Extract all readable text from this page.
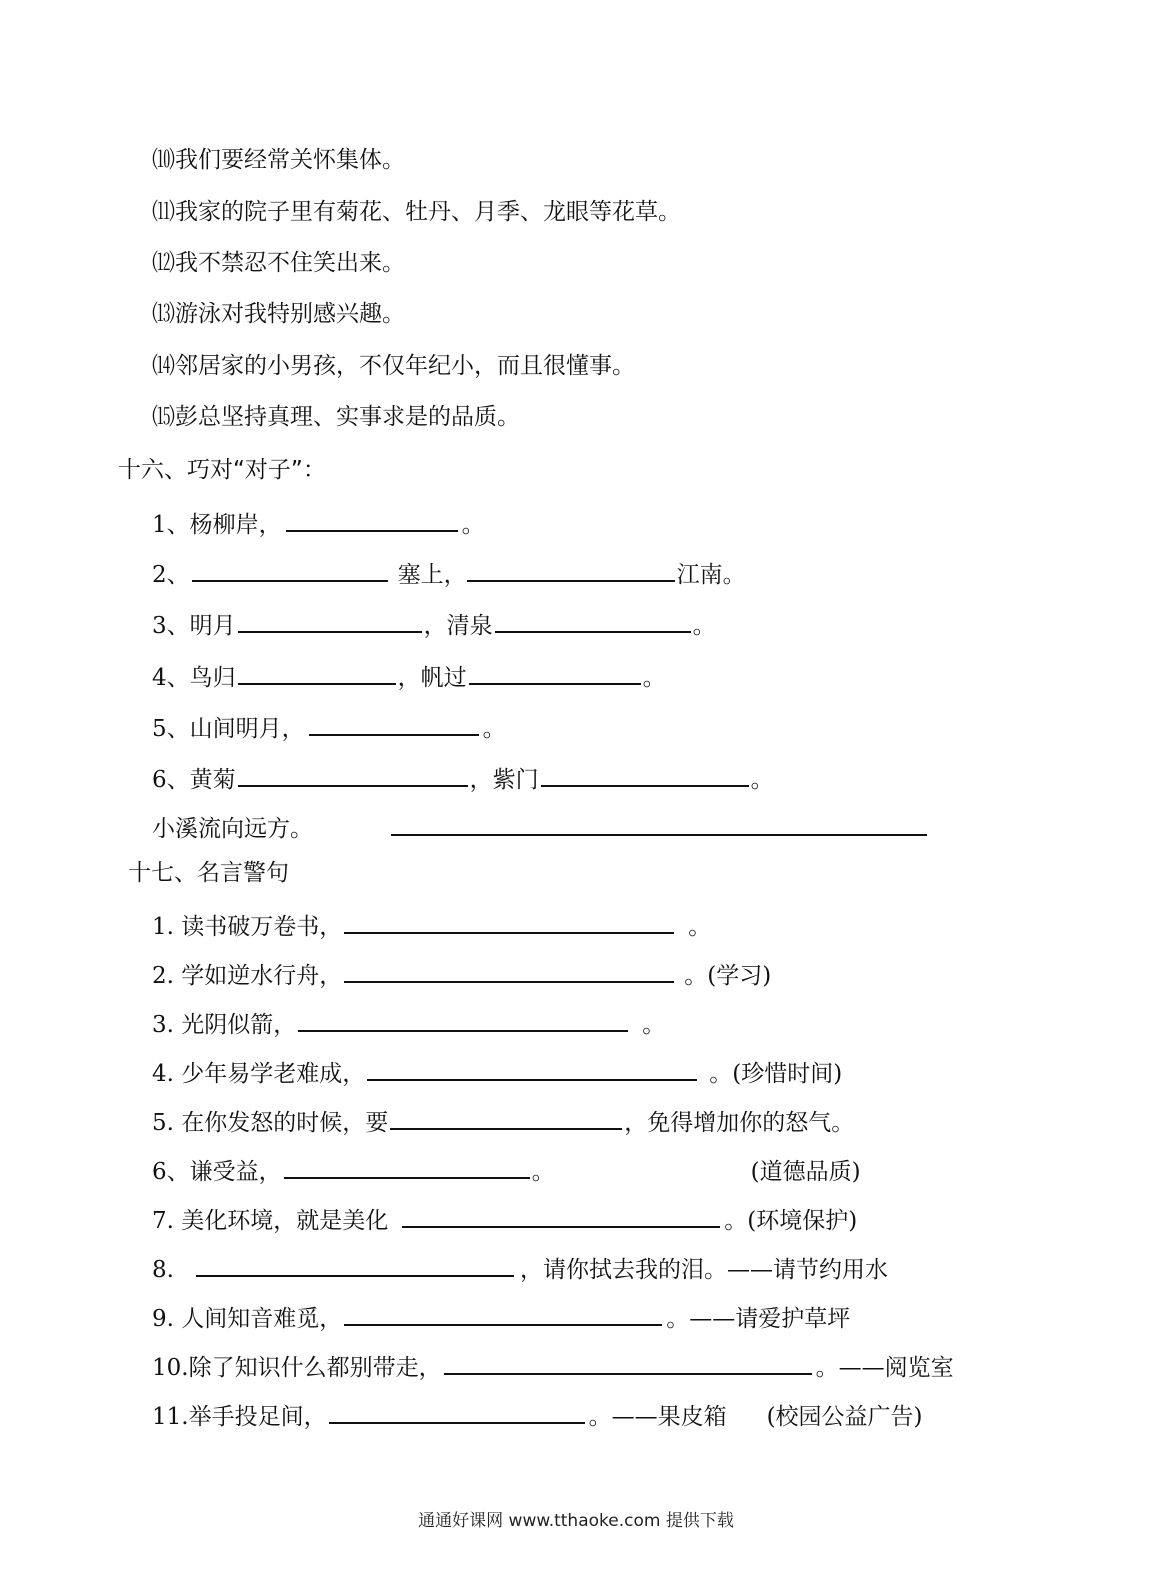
⑽我们要经常关怀集体。
⑾我家的院子里有菊花、牡丹、月季、龙眼等花草。
⑿我不禁忍不住笑出来。
⒀游泳对我特别感兴趣。
⒁邻居家的小男孩，不仅年纪小，而且很懂事。
⒂彭总坚持真理、实事求是的品质。
十六、巧对“对子”：
1、杨柳岸，	。
2、	塞上，	江南。
3、明月	，清泉	。
4、鸟归	，帆过	。
5、山间明月，	。
6、黄菊	，紫门	。
小溪流向远方。
十七、名言警句
1. 读书破万卷书，	。
2. 学如逆水行舟，	。(学习)
3. 光阴似箭，	。
4. 少年易学老难成，	。(珍惜时间)
5. 在你发怒的时候，要	，免得增加你的怒气。
6、谦受益，	。	(道德品质)
7. 美化环境，就是美化	。(环境保护)
8.	，请你拭去我的泪。——请节约用水
9. 人间知音难觅，	。——请爱护草坪
10.除了知识什么都别带走，	。——阅览室
11.举手投足间，	。——果皮箱 (校园公益广告)
通通好课网 www.tthaoke.com 提供下载
